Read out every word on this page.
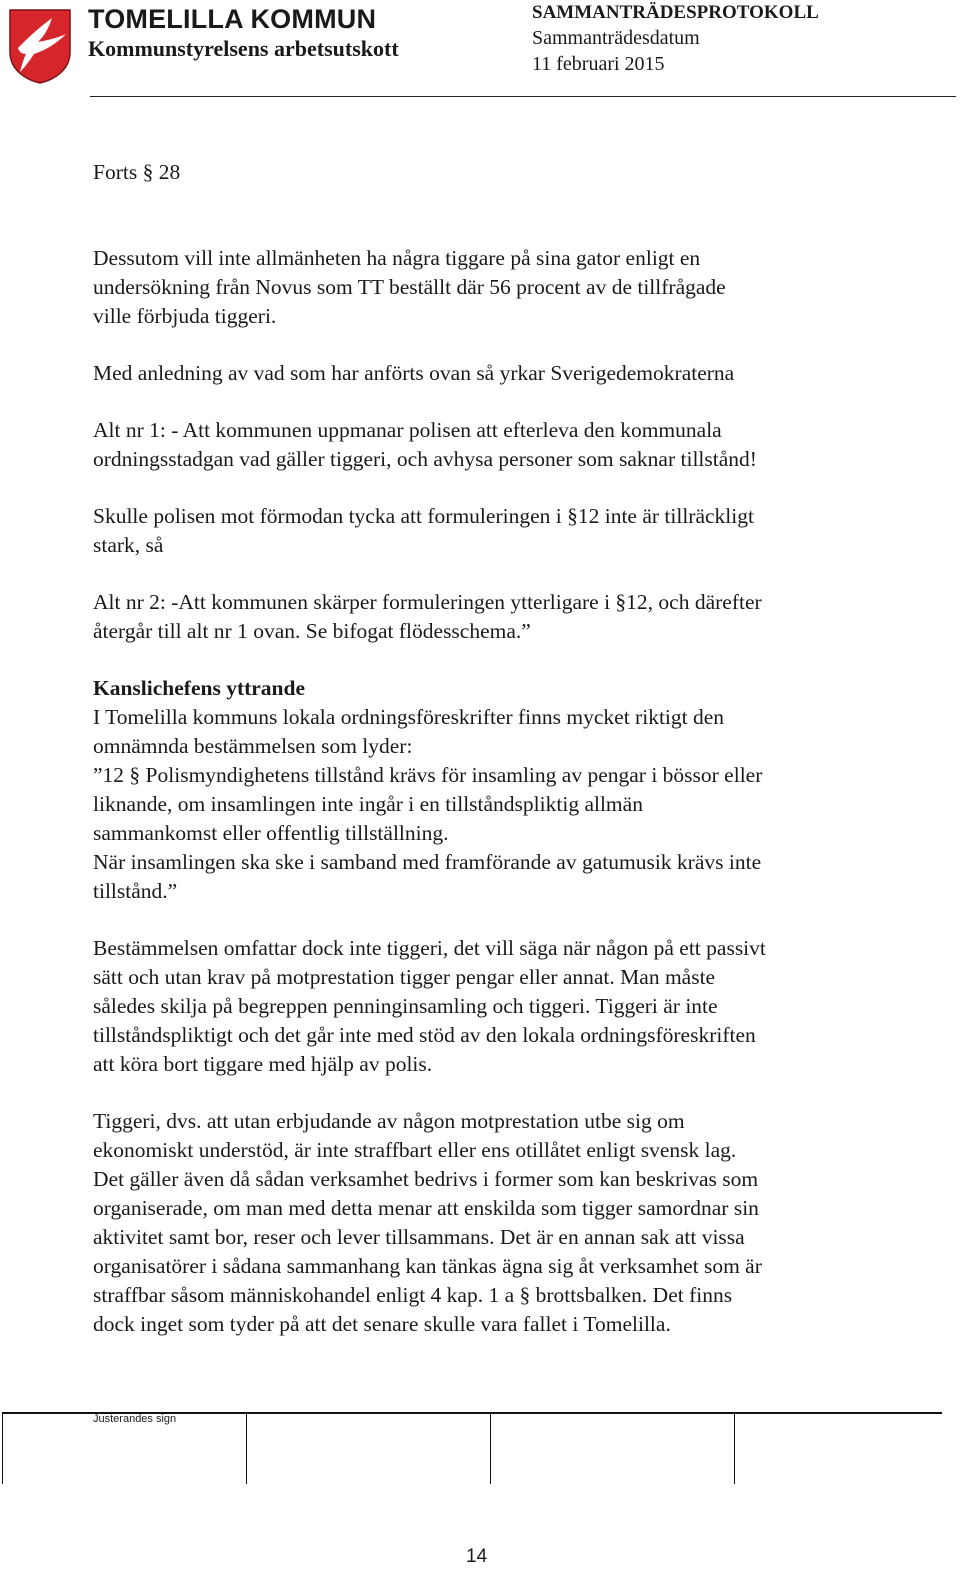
TOMELILLA KOMMUN
Kommunstyrelsens arbetsutskott
SAMMANTRÄDESPROTOKOLL
Sammanträdesdatum
11 februari 2015

Forts § 28

Dessutom vill inte allmänheten ha några tiggare på sina gator enligt en

undersökning från Novus som TT beställt där 56 procent av de tillfrågade

ville förbjuda tiggeri.

Med anledning av vad som har anförts ovan så yrkar Sverigedemokraterna

Alt nr 1: - Att kommunen uppmanar polisen att efterleva den kommunala

ordningsstadgan vad gäller tiggeri, och avhysa personer som saknar tillstånd!

Skulle polisen mot förmodan tycka att formuleringen i §12 inte är tillräckligt

stark, så

Alt nr 2: -Att kommunen skärper formuleringen ytterligare i §12, och därefter

återgår till alt nr 1 ovan. Se bifogat flödesschema.”

Kanslichefens yttrande

I Tomelilla kommuns lokala ordningsföreskrifter finns mycket riktigt den

omnämnda bestämmelsen som lyder:

”12 § Polismyndighetens tillstånd krävs för insamling av pengar i bössor eller

liknande, om insamlingen inte ingår i en tillståndspliktig allmän

sammankomst eller offentlig tillställning.

När insamlingen ska ske i samband med framförande av gatumusik krävs inte

tillstånd.”

Bestämmelsen omfattar dock inte tiggeri, det vill säga när någon på ett passivt

sätt och utan krav på motprestation tigger pengar eller annat. Man måste

således skilja på begreppen penninginsamling och tiggeri. Tiggeri är inte

tillståndspliktigt och det går inte med stöd av den lokala ordningsföreskriften

att köra bort tiggare med hjälp av polis.

Tiggeri, dvs. att utan erbjudande av någon motprestation utbe sig om

ekonomiskt understöd, är inte straffbart eller ens otillåtet enligt svensk lag.

Det gäller även då sådan verksamhet bedrivs i former som kan beskrivas som

organiserade, om man med detta menar att enskilda som tigger samordnar sin

aktivitet samt bor, reser och lever tillsammans. Det är en annan sak att vissa

organisatörer i sådana sammanhang kan tänkas ägna sig åt verksamhet som är

straffbar såsom människohandel enligt 4 kap. 1 a § brottsbalken. Det finns

dock inget som tyder på att det senare skulle vara fallet i Tomelilla.

Justerandes sign
14
